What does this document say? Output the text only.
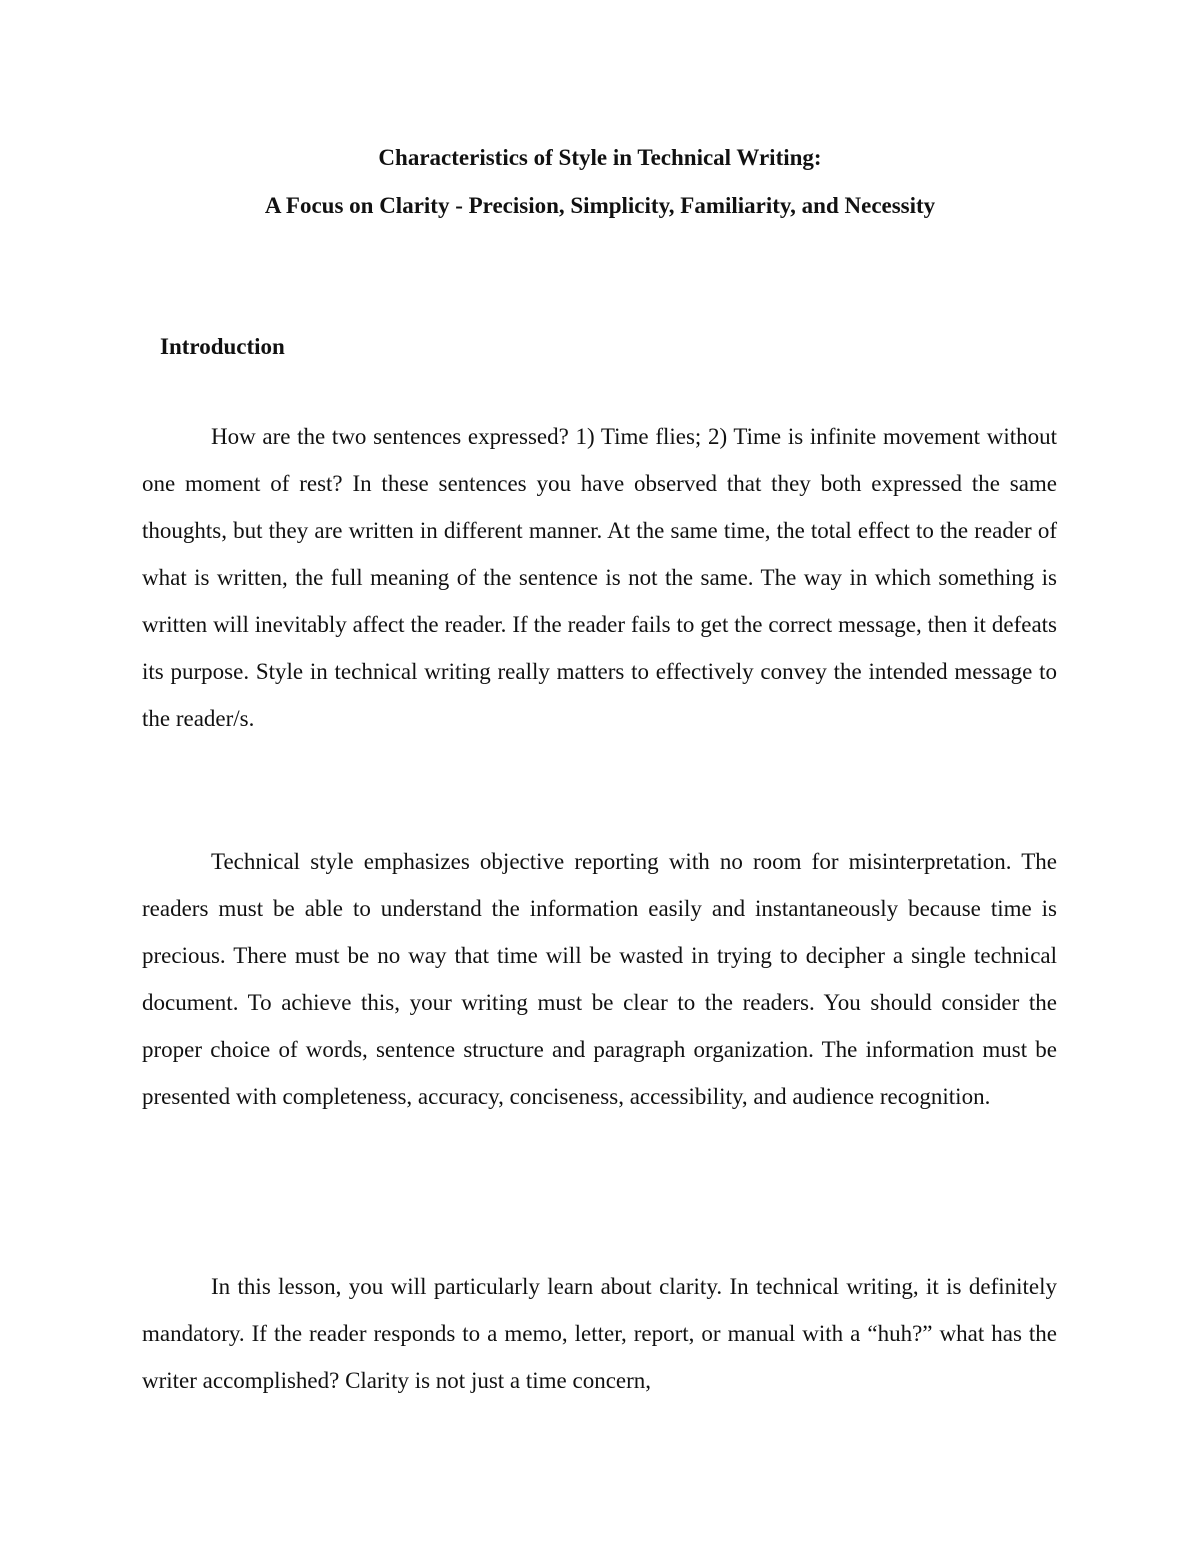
Characteristics of Style in Technical Writing:
A Focus on Clarity - Precision, Simplicity, Familiarity, and Necessity
Introduction

How are the two sentences expressed? 1) Time flies; 2) Time is infinite movement without one moment of rest? In these sentences you have observed that they both expressed the same thoughts, but they are written in different manner. At the same time, the total effect to the reader of what is written, the full meaning of the sentence is not the same. The way in which something is written will inevitably affect the reader. If the reader fails to get the correct message, then it defeats its purpose. Style in technical writing really matters to effectively convey the intended message to the reader/s.

Technical style emphasizes objective reporting with no room for misinterpretation. The readers must be able to understand the information easily and instantaneously because time is precious. There must be no way that time will be wasted in trying to decipher a single technical document. To achieve this, your writing must be clear to the readers. You should consider the proper choice of words, sentence structure and paragraph organization. The information must be presented with completeness, accuracy, conciseness, accessibility, and audience recognition.

In this lesson, you will particularly learn about clarity. In technical writing, it is definitely mandatory. If the reader responds to a memo, letter, report, or manual with a “huh?” what has the writer accomplished? Clarity is not just a time concern,
